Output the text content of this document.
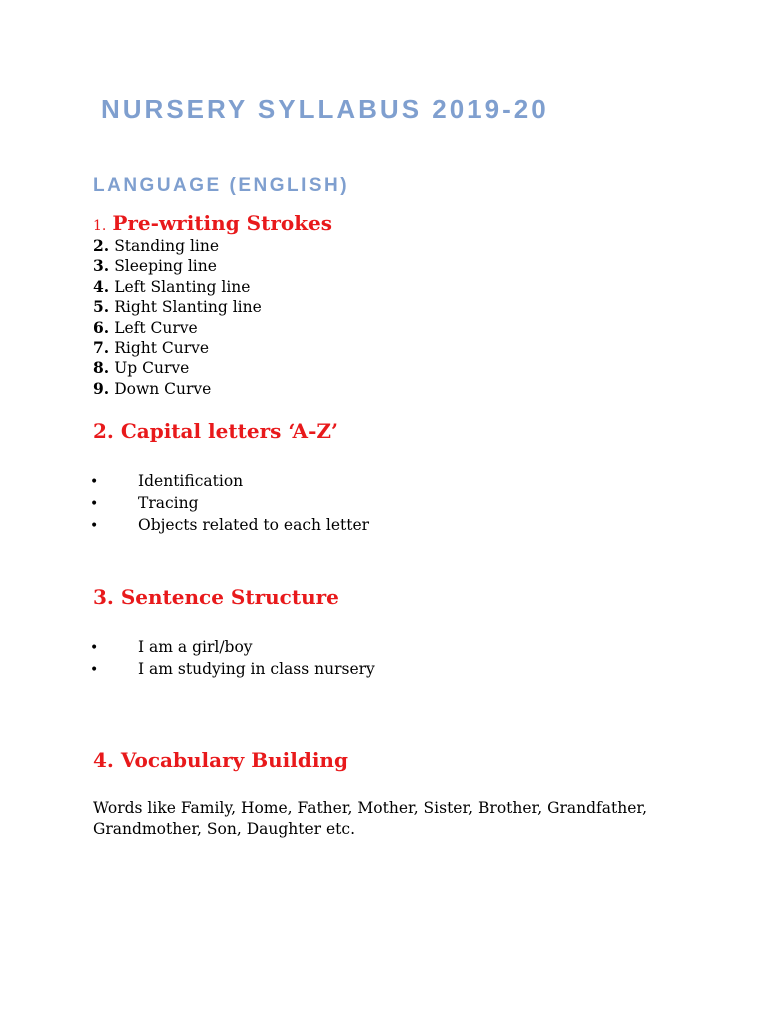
NURSERY SYLLABUS 2019-20
LANGUAGE (ENGLISH)
1. Pre-writing Strokes
2. Standing line
3. Sleeping line
4. Left Slanting line
5. Right Slanting line
6. Left Curve
7. Right Curve
8. Up Curve
9. Down Curve
2. Capital letters ‘A-Z’
•	Identification
•	Tracing
•	Objects related to each letter
3. Sentence Structure
•	I am a girl/boy
•	I am studying in class nursery
4. Vocabulary Building

Words like Family, Home, Father, Mother, Sister, Brother, Grandfather, Grandmother, Son, Daughter etc.
